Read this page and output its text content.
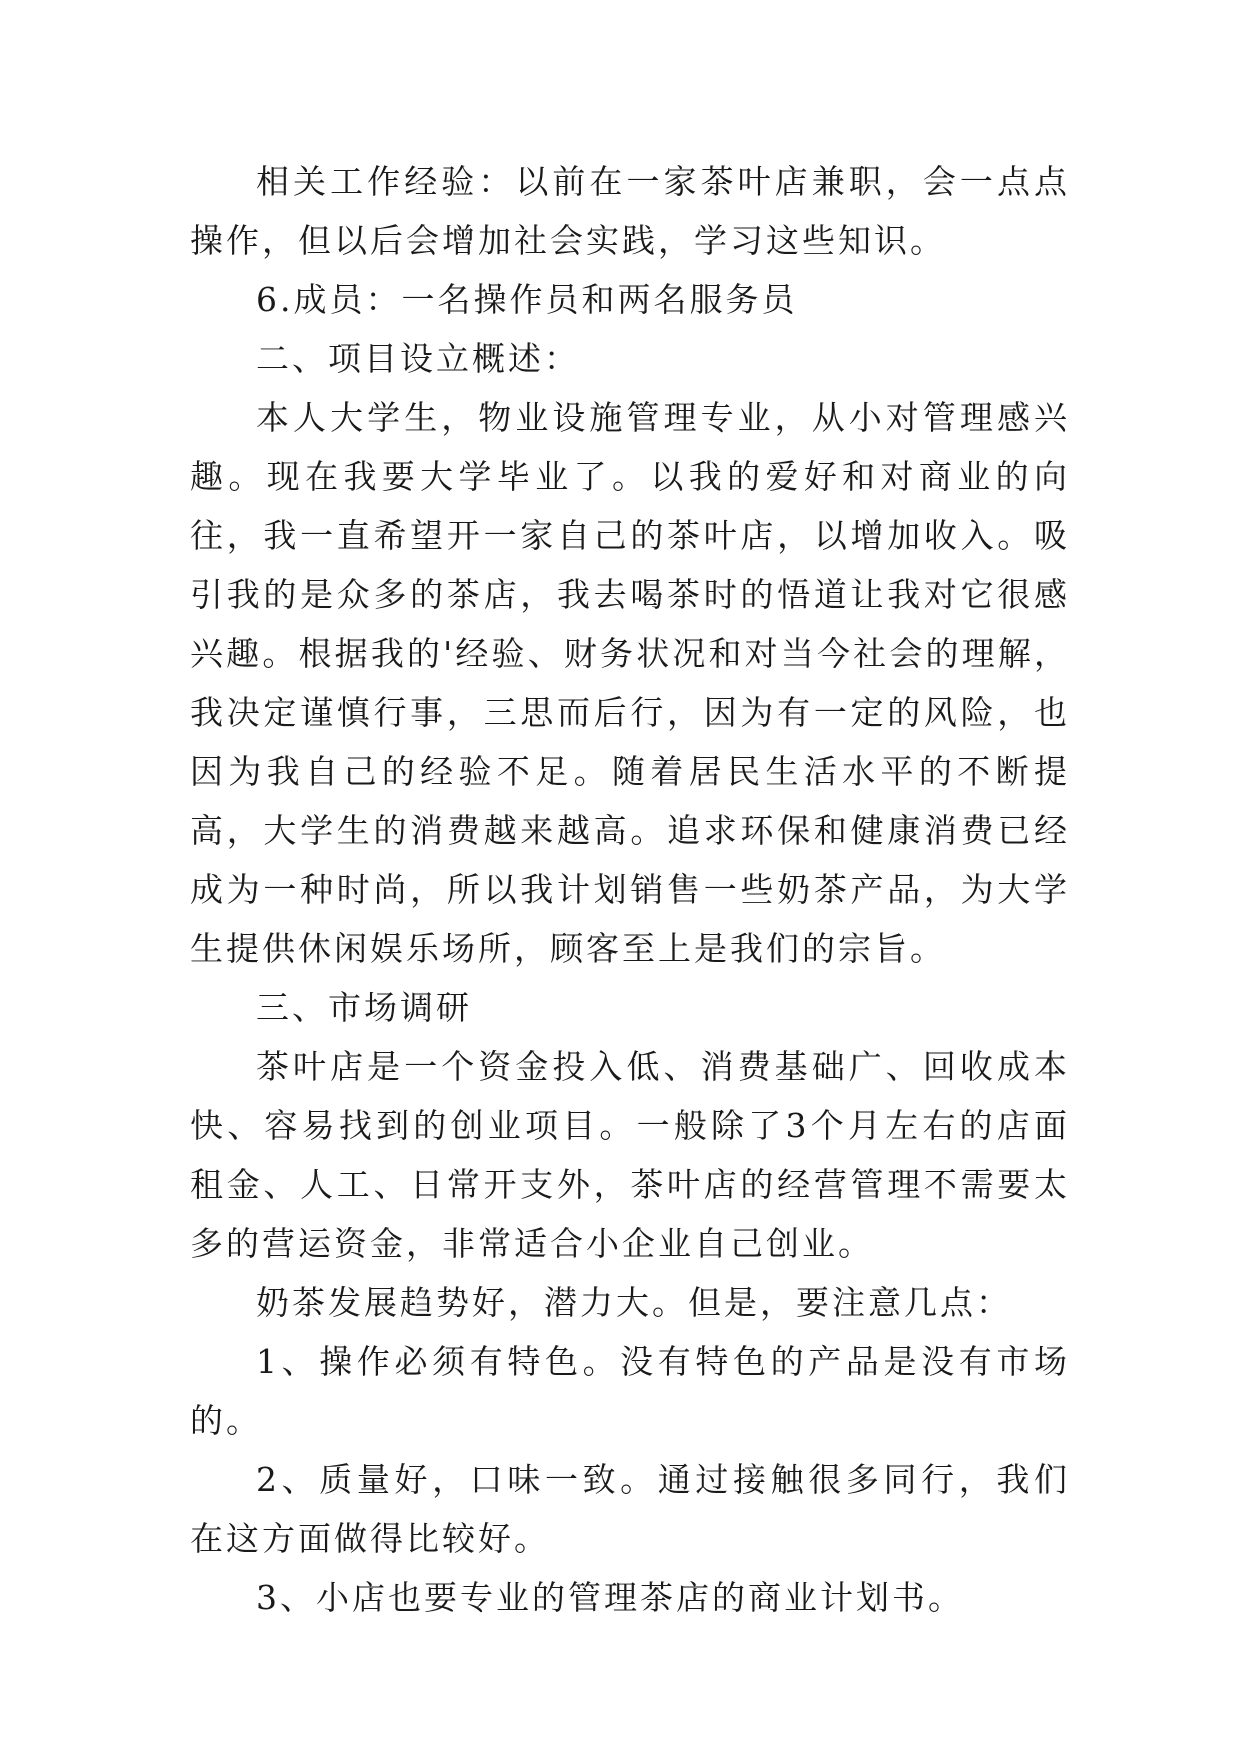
相关工作经验：以前在一家茶叶店兼职，会一点点操作，但以后会增加社会实践，学习这些知识。

6.成员：一名操作员和两名服务员

二、项目设立概述：

本人大学生，物业设施管理专业，从小对管理感兴趣。现在我要大学毕业了。以我的爱好和对商业的向往，我一直希望开一家自己的茶叶店，以增加收入。吸引我的是众多的茶店，我去喝茶时的悟道让我对它很感兴趣。根据我的'经验、财务状况和对当今社会的理解，我决定谨慎行事，三思而后行，因为有一定的风险，也因为我自己的经验不足。随着居民生活水平的不断提高，大学生的消费越来越高。追求环保和健康消费已经成为一种时尚，所以我计划销售一些奶茶产品，为大学生提供休闲娱乐场所，顾客至上是我们的宗旨。

三、市场调研

茶叶店是一个资金投入低、消费基础广、回收成本快、容易找到的创业项目。一般除了3个月左右的店面租金、人工、日常开支外，茶叶店的经营管理不需要太多的营运资金，非常适合小企业自己创业。

奶茶发展趋势好，潜力大。但是，要注意几点：

1、操作必须有特色。没有特色的产品是没有市场的。

2、质量好，口味一致。通过接触很多同行，我们在这方面做得比较好。

3、小店也要专业的管理茶店的商业计划书。
